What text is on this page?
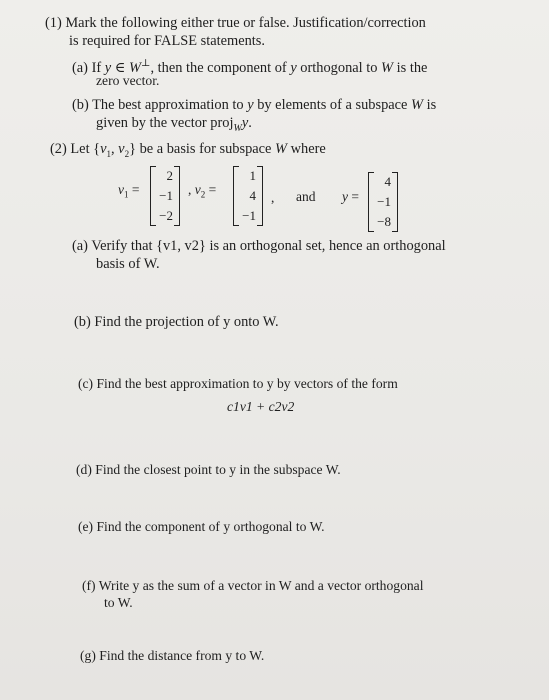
(1) Mark the following either true or false. Justification/correction
is required for FALSE statements.
(a) If y ∈ W⊥, then the component of y orthogonal to W is the
zero vector.
(b) The best approximation to y by elements of a subspace W is
given by the vector proj$_W$y.
(2) Let {$v_1$, $v_2$} be a basis for subspace W where
$v_1$ =
2
−1
−2
, $v_2$ =
1
4
−1
, and y =
4
−1
−8
(a) Verify that {v1, v2} is an orthogonal set, hence an orthogonal
basis of W.
(b) Find the projection of y onto W.
(c) Find the best approximation to y by vectors of the form
c1v1 + c2v2
(d) Find the closest point to y in the subspace W.
(e) Find the component of y orthogonal to W.
(f) Write y as the sum of a vector in W and a vector orthogonal
to W.
(g) Find the distance from y to W.
